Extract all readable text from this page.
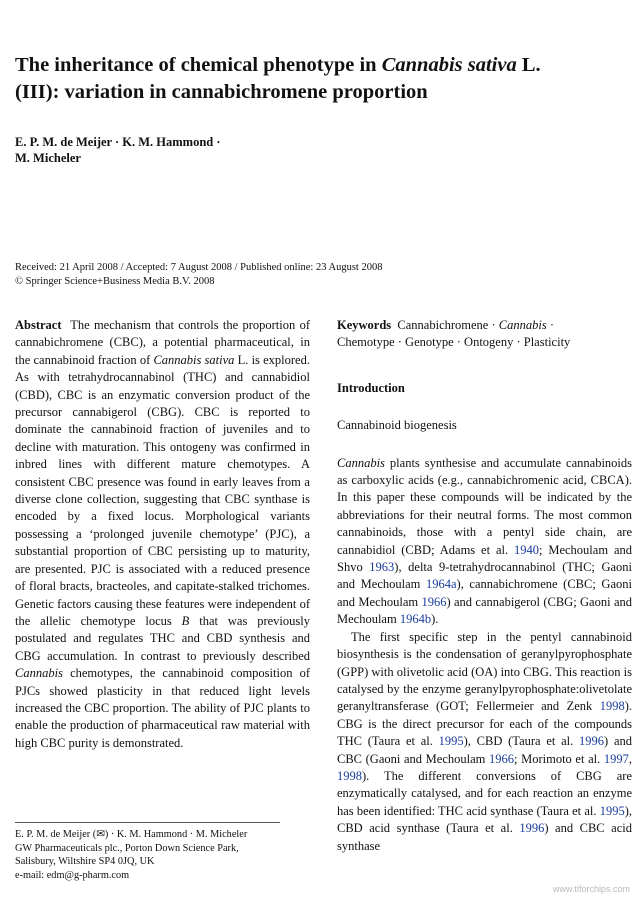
The inheritance of chemical phenotype in Cannabis sativa L.
(III): variation in cannabichromene proportion
E. P. M. de Meijer · K. M. Hammond ·
M. Micheler
Received: 21 April 2008 / Accepted: 7 August 2008 / Published online: 23 August 2008
© Springer Science+Business Media B.V. 2008

Abstract The mechanism that controls the proportion of cannabichromene (CBC), a potential pharmaceutical, in the cannabinoid fraction of Cannabis sativa L. is explored. As with tetrahydrocannabinol (THC) and cannabidiol (CBD), CBC is an enzymatic conversion product of the precursor cannabigerol (CBG). CBC is reported to dominate the cannabinoid fraction of juveniles and to decline with maturation. This ontogeny was confirmed in inbred lines with different mature chemotypes. A consistent CBC presence was found in early leaves from a diverse clone collection, suggesting that CBC synthase is encoded by a fixed locus. Morphological variants possessing a ‘prolonged juvenile chemotype’ (PJC), a substantial proportion of CBC persisting up to maturity, are presented. PJC is associated with a reduced presence of floral bracts, bracteoles, and capitate-stalked trichomes. Genetic factors causing these features were independent of the allelic chemotype locus B that was previously postulated and regulates THC and CBD synthesis and CBG accumulation. In contrast to previously described Cannabis chemotypes, the cannabinoid composition of PJCs showed plasticity in that reduced light levels increased the CBC proportion. The ability of PJC plants to enable the production of pharmaceutical raw material with high CBC purity is demonstrated.

Keywords Cannabichromene · Cannabis ·
Chemotype · Genotype · Ontogeny · Plasticity

Introduction
Cannabinoid biogenesis

Cannabis plants synthesise and accumulate cannabinoids as carboxylic acids (e.g., cannabichromenic acid, CBCA). In this paper these compounds will be indicated by the abbreviations for their neutral forms. The most common cannabinoids, those with a pentyl side chain, are cannabidiol (CBD; Adams et al. 1940; Mechoulam and Shvo 1963), delta 9-tetrahydrocannabinol (THC; Gaoni and Mechoulam 1964a), cannabichromene (CBC; Gaoni and Mechoulam 1966) and cannabigerol (CBG; Gaoni and Mechoulam 1964b).

The first specific step in the pentyl cannabinoid biosynthesis is the condensation of geranylpyrophosphate (GPP) with olivetolic acid (OA) into CBG. This reaction is catalysed by the enzyme geranylpyrophosphate:olivetolate geranyltransferase (GOT; Fellermeier and Zenk 1998). CBG is the direct precursor for each of the compounds THC (Taura et al. 1995), CBD (Taura et al. 1996) and CBC (Gaoni and Mechoulam 1966; Morimoto et al. 1997, 1998). The different conversions of CBG are enzymatically catalysed, and for each reaction an enzyme has been identified: THC acid synthase (Taura et al. 1995), CBD acid synthase (Taura et al. 1996) and CBC acid synthase

E. P. M. de Meijer (✉) · K. M. Hammond · M. Micheler
GW Pharmaceuticals plc., Porton Down Science Park,
Salisbury, Wiltshire SP4 0JQ, UK
e-mail: edm@g-pharm.com
www.tlforchips.com
